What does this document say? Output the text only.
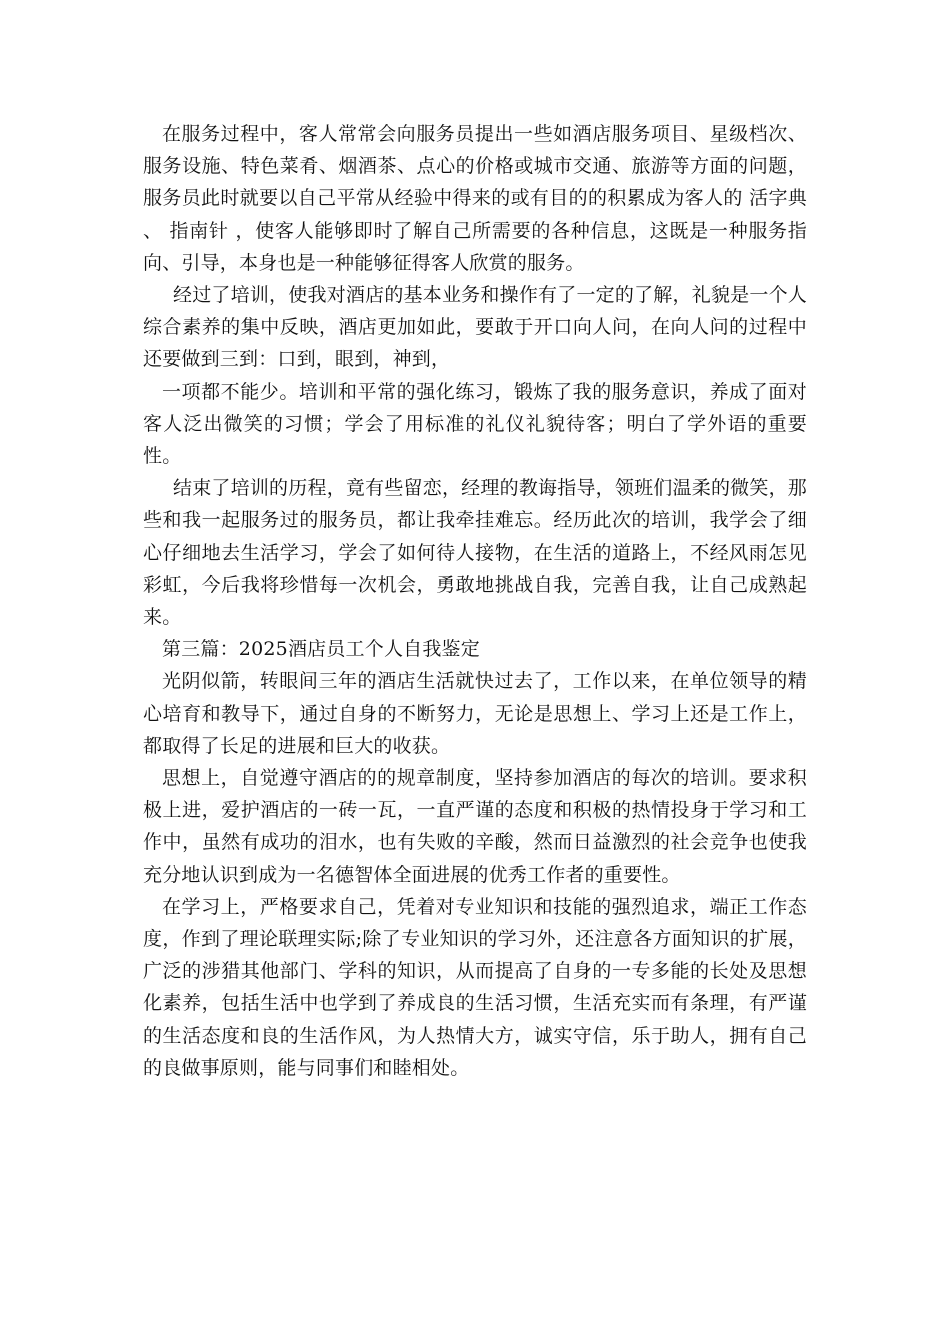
在服务过程中，客人常常会向服务员提出一些如酒店服务项目、星级档次、服务设施、特色菜肴、烟酒茶、点心的价格或城市交通、旅游等方面的问题，服务员此时就要以自己平常从经验中得来的或有目的的积累成为客人的 活字典 、 指南针 ，使客人能够即时了解自己所需要的各种信息，这既是一种服务指向、引导，本身也是一种能够征得客人欣赏的服务。

经过了培训，使我对酒店的基本业务和操作有了一定的了解，礼貌是一个人综合素养的集中反映，酒店更加如此，要敢于开口向人问，在向人问的过程中还要做到三到：口到，眼到，神到，

一项都不能少。培训和平常的强化练习，锻炼了我的服务意识，养成了面对客人泛出微笑的习惯；学会了用标准的礼仪礼貌待客；明白了学外语的重要性。

结束了培训的历程，竟有些留恋，经理的教诲指导，领班们温柔的微笑，那些和我一起服务过的服务员，都让我牵挂难忘。经历此次的培训，我学会了细心仔细地去生活学习，学会了如何待人接物，在生活的道路上，不经风雨怎见彩虹，今后我将珍惜每一次机会，勇敢地挑战自我，完善自我，让自己成熟起来。

第三篇：2025酒店员工个人自我鉴定

光阴似箭，转眼间三年的酒店生活就快过去了，工作以来，在单位领导的精心培育和教导下，通过自身的不断努力，无论是思想上、学习上还是工作上，都取得了长足的进展和巨大的收获。

思想上，自觉遵守酒店的的规章制度，坚持参加酒店的每次的培训。要求积极上进，爱护酒店的一砖一瓦，一直严谨的态度和积极的热情投身于学习和工作中，虽然有成功的泪水，也有失败的辛酸，然而日益激烈的社会竞争也使我充分地认识到成为一名德智体全面进展的优秀工作者的重要性。

在学习上，严格要求自己，凭着对专业知识和技能的强烈追求，端正工作态度，作到了理论联理实际;除了专业知识的学习外，还注意各方面知识的扩展，广泛的涉猎其他部门、学科的知识，从而提高了自身的一专多能的长处及思想化素养，包括生活中也学到了养成良的生活习惯，生活充实而有条理，有严谨的生活态度和良的生活作风，为人热情大方，诚实守信，乐于助人，拥有自己的良做事原则，能与同事们和睦相处。
